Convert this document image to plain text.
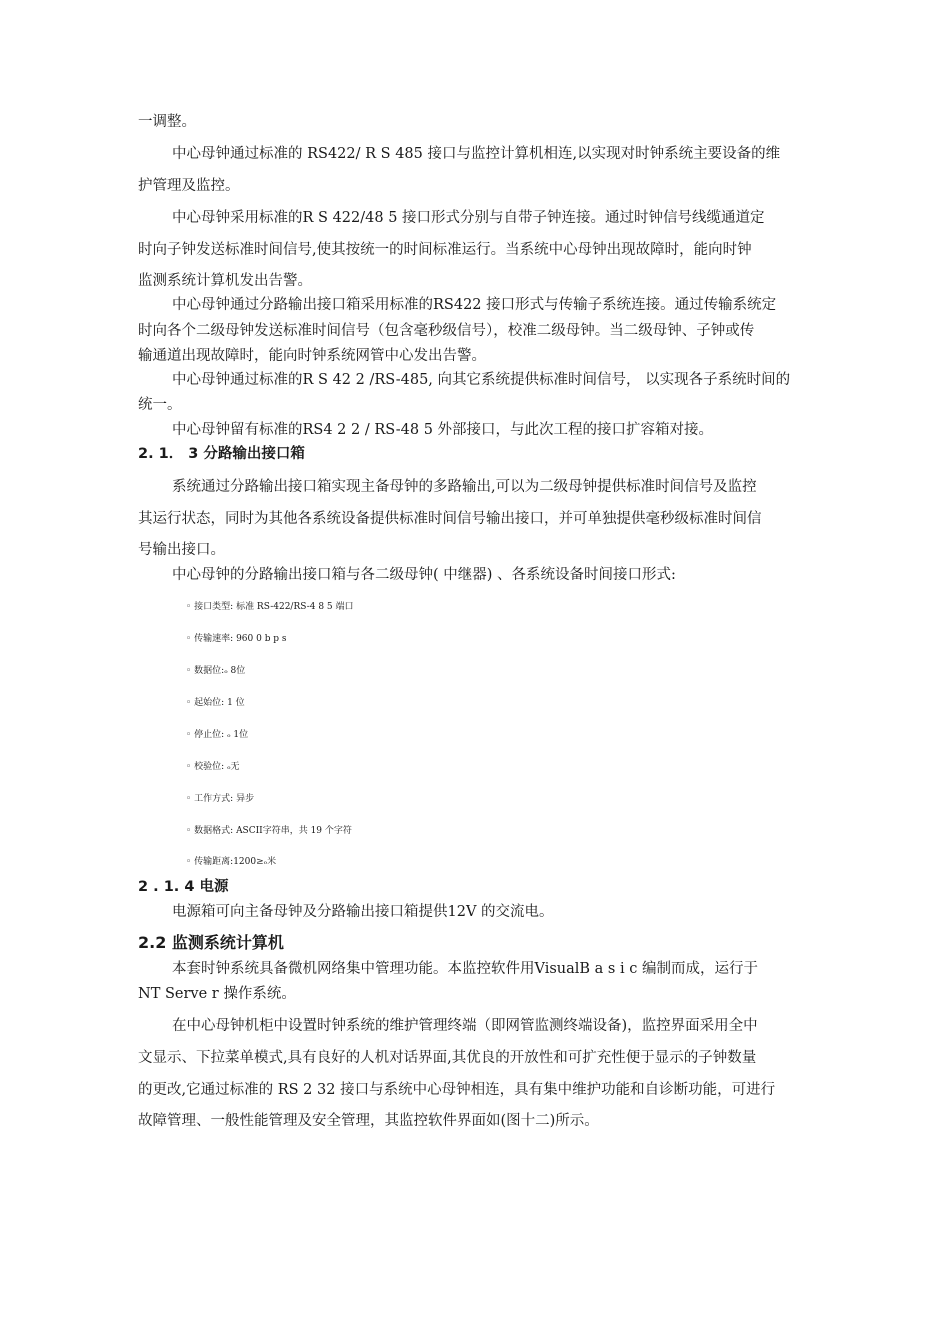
一调整。
中心母钟通过标准的 RS422/ R S 485 接口与监控计算机相连,以实现对时钟系统主要设备的维
护管理及监控。
中心母钟采用标准的R S 422/48 5 接口形式分别与自带子钟连接。通过时钟信号线缆通道定
时向子钟发送标准时间信号,使其按统一的时间标准运行。当系统中心母钟出现故障时，能向时钟
监测系统计算机发出告警。
中心母钟通过分路输出接口箱采用标准的RS422 接口形式与传输子系统连接。通过传输系统定
时向各个二级母钟发送标准时间信号（包含毫秒级信号），校准二级母钟。当二级母钟、子钟或传
输通道出现故障时，能向时钟系统网管中心发出告警。
中心母钟通过标准的R S 42 2 /RS-485, 向其它系统提供标准时间信号， 以实现各子系统时间的
统一。
中心母钟留有标准的RS4 2 2 / RS-48 5 外部接口，与此次工程的接口扩容箱对接。
2. 1． 3 分路输出接口箱
系统通过分路输出接口箱实现主备母钟的多路输出,可以为二级母钟提供标准时间信号及监控
其运行状态，同时为其他各系统设备提供标准时间信号输出接口，并可单独提供毫秒级标准时间信
号输出接口。
中心母钟的分路输出接口箱与各二级母钟( 中继器) 、各系统设备时间接口形式:
◦ 接口类型: 标准 RS-422/RS-4 8 5 端口
◦ 传输速率: 960 0 b p s
◦ 数据位:ₒ 8位
◦ 起始位: 1 位
◦ 停止位: ₒ 1位
◦ 校验位: ₒ无
◦ 工作方式: 异步
◦ 数据格式: ASCII字符串，共 19 个字符
◦ 传输距离:1200≥ₒ米
2 . 1. 4 电源
电源箱可向主备母钟及分路输出接口箱提供12V 的交流电。
2.2 监测系统计算机
本套时钟系统具备微机网络集中管理功能。本监控软件用VisualB a s i c 编制而成，运行于
NT Serve r 操作系统。
在中心母钟机柜中设置时钟系统的维护管理终端（即网管监测终端设备)，监控界面采用全中
文显示、下拉菜单模式,具有良好的人机对话界面,其优良的开放性和可扩充性便于显示的子钟数量
的更改,它通过标准的 RS 2 32 接口与系统中心母钟相连，具有集中维护功能和自诊断功能，可进行
故障管理、一般性能管理及安全管理，其监控软件界面如(图十二)所示。
